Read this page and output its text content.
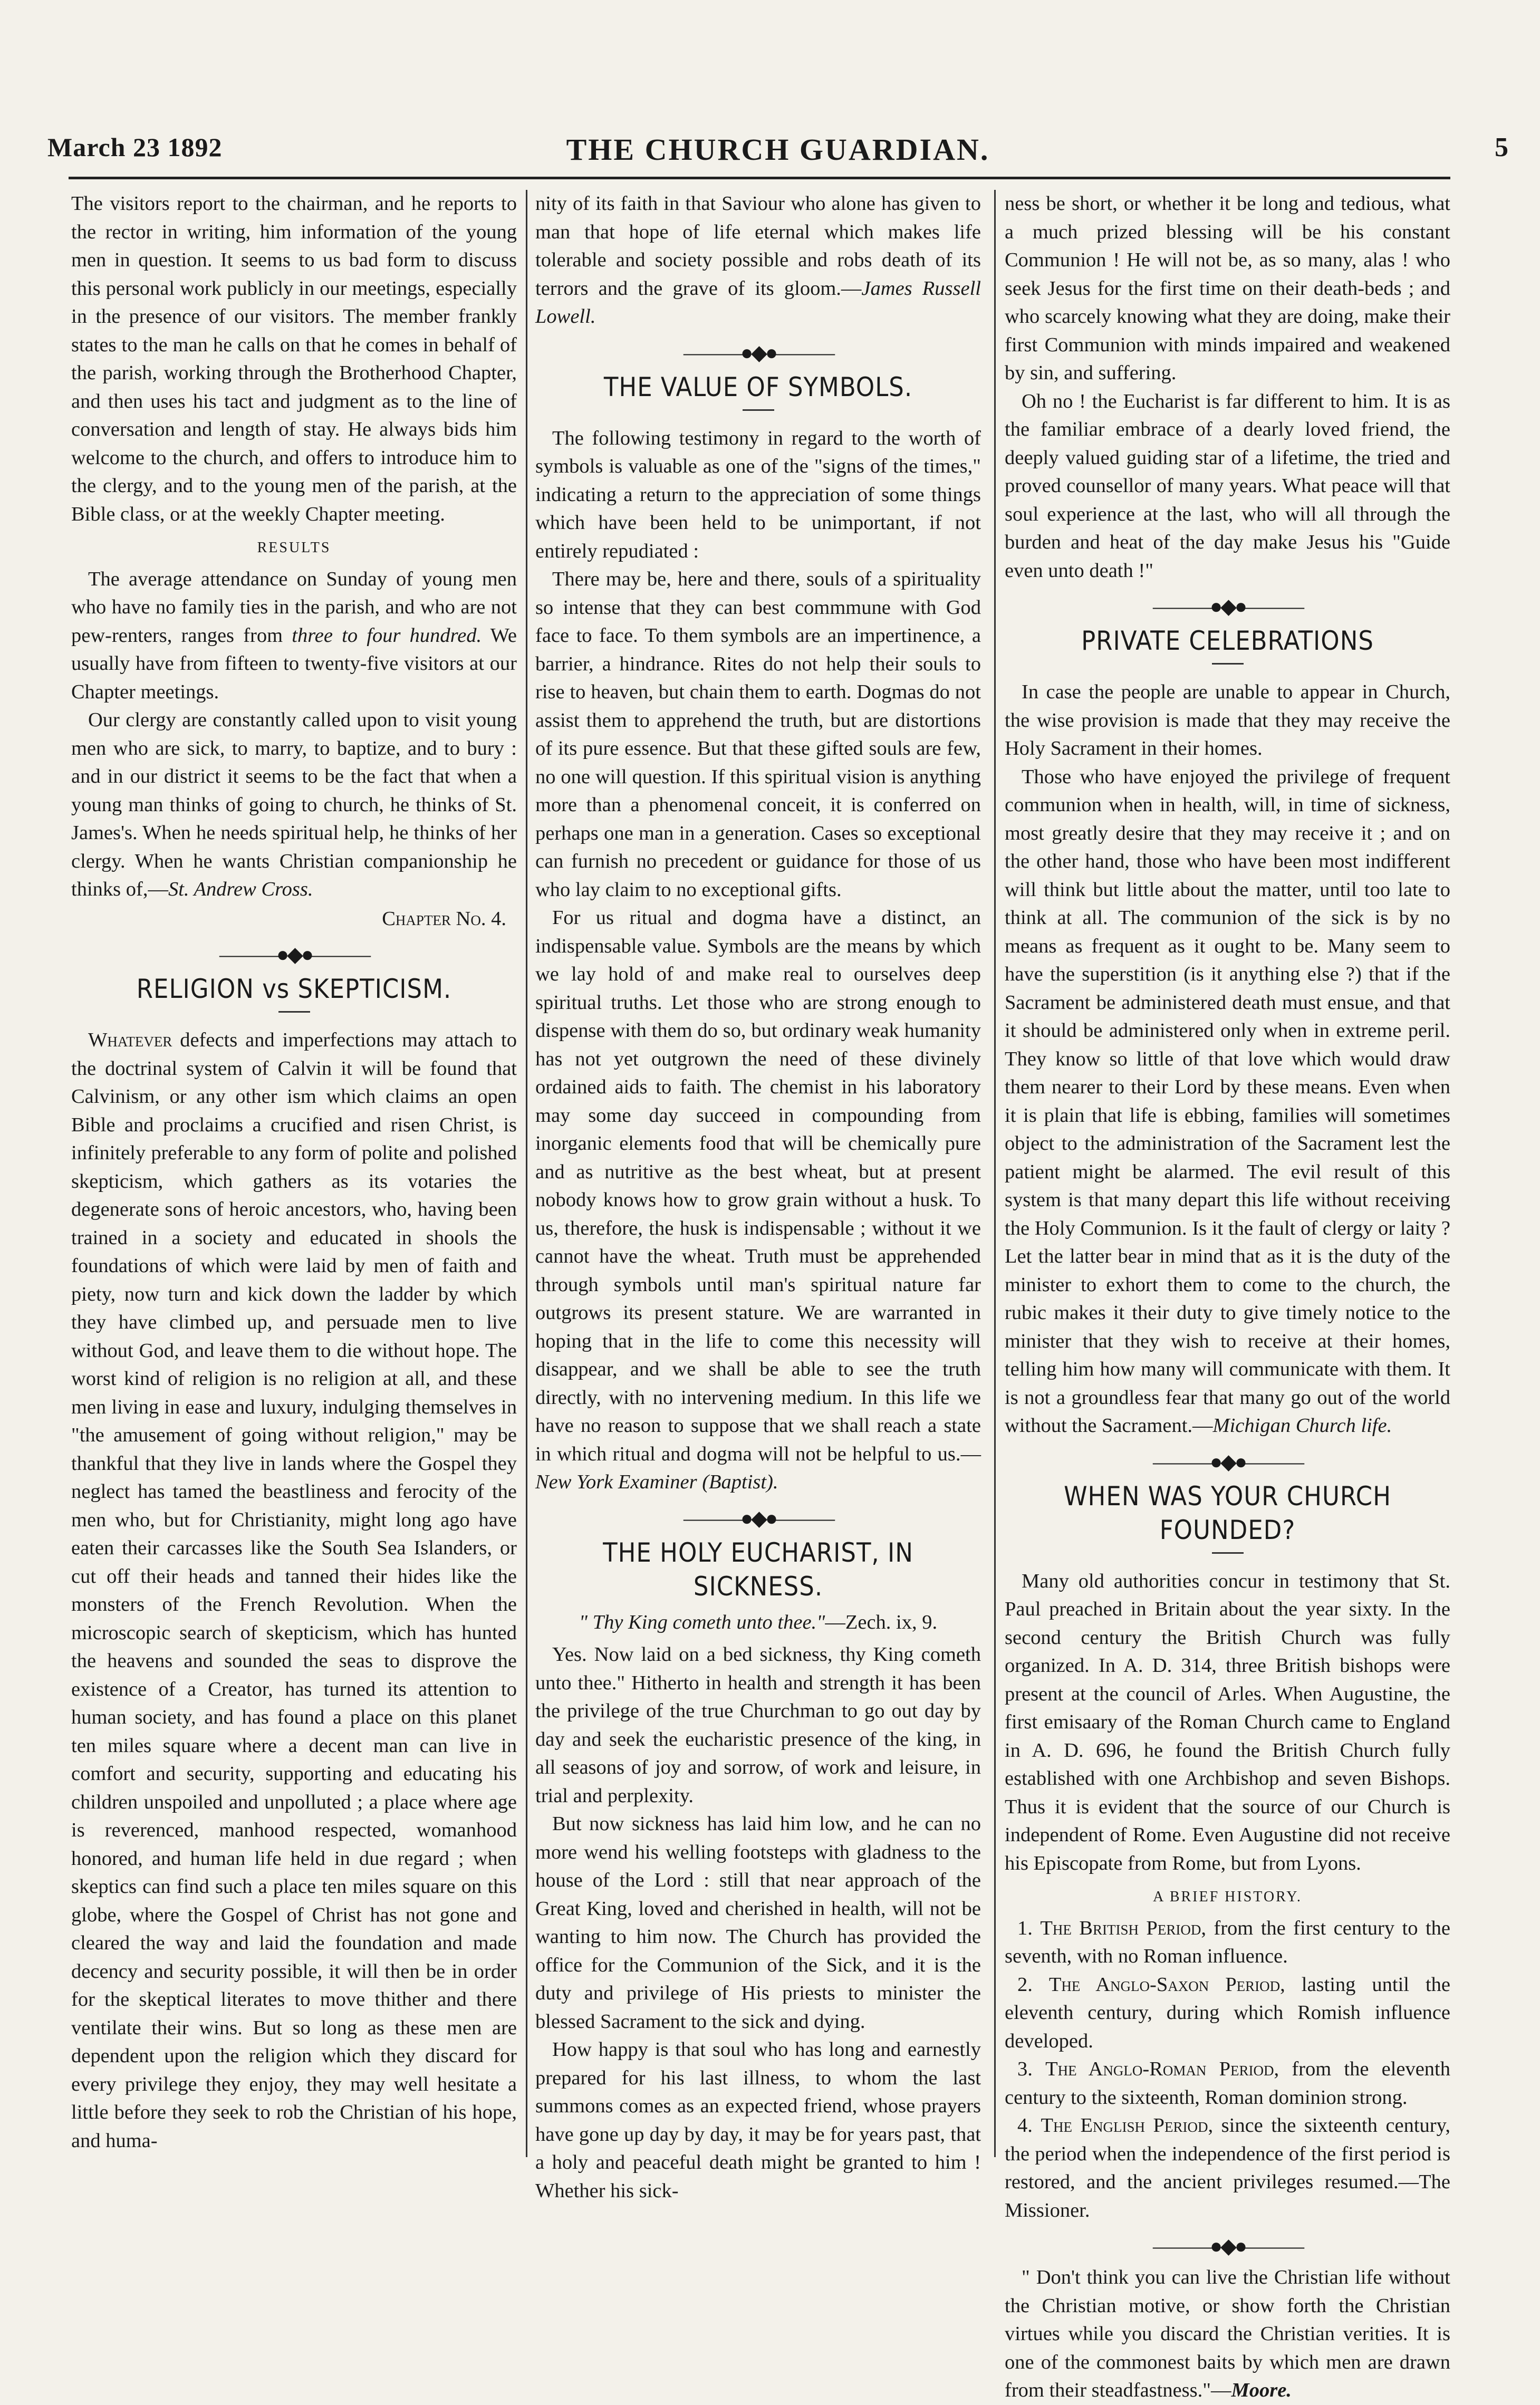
THE CHURCH GUARDIAN.
March 23 1892	5

The visitors report to the chairman, and he reports to the rector in writing, him information of the young men in question. It seems to us bad form to discuss this personal work publicly in our meetings, especially in the presence of our visitors. The member frankly states to the man he calls on that he comes in behalf of the parish, working through the Brotherhood Chapter, and then uses his tact and judgment as to the line of conversation and length of stay. He always bids him welcome to the church, and offers to introduce him to the clergy, and to the young men of the parish, at the Bible class, or at the weekly Chapter meeting.

RESULTS

The average attendance on Sunday of young men who have no family ties in the parish, and who are not pew-renters, ranges from three to four hundred. We usually have from fifteen to twenty-five visitors at our Chapter meetings.

Our clergy are constantly called upon to visit young men who are sick, to marry, to baptize, and to bury : and in our district it seems to be the fact that when a young man thinks of going to church, he thinks of St. James's. When he needs spiritual help, he thinks of her clergy. When he wants Christian companionship he thinks of,—St. Andrew Cross.

Chapter No. 4.
———●◆●———
RELIGION vs SKEPTICISM.

Whatever defects and imperfections may attach to the doctrinal system of Calvin it will be found that Calvinism, or any other ism which claims an open Bible and proclaims a crucified and risen Christ, is infinitely preferable to any form of polite and polished skepticism, which gathers as its votaries the degenerate sons of heroic ancestors, who, having been trained in a society and educated in shools the foundations of which were laid by men of faith and piety, now turn and kick down the ladder by which they have climbed up, and persuade men to live without God, and leave them to die without hope. The worst kind of religion is no religion at all, and these men living in ease and luxury, indulging themselves in "the amusement of going without religion," may be thankful that they live in lands where the Gospel they neglect has tamed the beastliness and ferocity of the men who, but for Christianity, might long ago have eaten their carcasses like the South Sea Islanders, or cut off their heads and tanned their hides like the monsters of the French Revolution. When the microscopic search of skepticism, which has hunted the heavens and sounded the seas to disprove the existence of a Creator, has turned its attention to human society, and has found a place on this planet ten miles square where a decent man can live in comfort and security, supporting and educating his children unspoiled and unpolluted ; a place where age is reverenced, manhood respected, womanhood honored, and human life held in due regard ; when skeptics can find such a place ten miles square on this globe, where the Gospel of Christ has not gone and cleared the way and laid the foundation and made decency and security possible, it will then be in order for the skeptical literates to move thither and there ventilate their wins. But so long as these men are dependent upon the religion which they discard for every privilege they enjoy, they may well hesitate a little before they seek to rob the Christian of his hope, and huma-

nity of its faith in that Saviour who alone has given to man that hope of life eternal which makes life tolerable and society possible and robs death of its terrors and the grave of its gloom.—James Russell Lowell.

———●◆●———
THE VALUE OF SYMBOLS.

The following testimony in regard to the worth of symbols is valuable as one of the "signs of the times," indicating a return to the appreciation of some things which have been held to be unimportant, if not entirely repudiated :

There may be, here and there, souls of a spirituality so intense that they can best commmune with God face to face. To them symbols are an impertinence, a barrier, a hindrance. Rites do not help their souls to rise to heaven, but chain them to earth. Dogmas do not assist them to apprehend the truth, but are distortions of its pure essence. But that these gifted souls are few, no one will question. If this spiritual vision is anything more than a phenomenal conceit, it is conferred on perhaps one man in a generation. Cases so exceptional can furnish no precedent or guidance for those of us who lay claim to no exceptional gifts.

For us ritual and dogma have a distinct, an indispensable value. Symbols are the means by which we lay hold of and make real to ourselves deep spiritual truths. Let those who are strong enough to dispense with them do so, but ordinary weak humanity has not yet outgrown the need of these divinely ordained aids to faith. The chemist in his laboratory may some day succeed in compounding from inorganic elements food that will be chemically pure and as nutritive as the best wheat, but at present nobody knows how to grow grain without a husk. To us, therefore, the husk is indispensable ; without it we cannot have the wheat. Truth must be apprehended through symbols until man's spiritual nature far outgrows its present stature. We are warranted in hoping that in the life to come this necessity will disappear, and we shall be able to see the truth directly, with no intervening medium. In this life we have no reason to suppose that we shall reach a state in which ritual and dogma will not be helpful to us.—New York Examiner (Baptist).

———●◆●———
THE HOLY EUCHARIST, IN SICKNESS.
" Thy King cometh unto thee."—Zech. ix, 9.

Yes. Now laid on a bed sickness, thy King cometh unto thee." Hitherto in health and strength it has been the privilege of the true Churchman to go out day by day and seek the eucharistic presence of the king, in all seasons of joy and sorrow, of work and leisure, in trial and perplexity.

But now sickness has laid him low, and he can no more wend his welling footsteps with gladness to the house of the Lord : still that near approach of the Great King, loved and cherished in health, will not be wanting to him now. The Church has provided the office for the Communion of the Sick, and it is the duty and privilege of His priests to minister the blessed Sacrament to the sick and dying.

How happy is that soul who has long and earnestly prepared for his last illness, to whom the last summons comes as an expected friend, whose prayers have gone up day by day, it may be for years past, that a holy and peaceful death might be granted to him ! Whether his sick-

ness be short, or whether it be long and tedious, what a much prized blessing will be his constant Communion ! He will not be, as so many, alas ! who seek Jesus for the first time on their death-beds ; and who scarcely knowing what they are doing, make their first Communion with minds impaired and weakened by sin, and suffering.

Oh no ! the Eucharist is far different to him. It is as the familiar embrace of a dearly loved friend, the deeply valued guiding star of a lifetime, the tried and proved counsellor of many years. What peace will that soul experience at the last, who will all through the burden and heat of the day make Jesus his "Guide even unto death !"

———●◆●———
PRIVATE CELEBRATIONS

In case the people are unable to appear in Church, the wise provision is made that they may receive the Holy Sacrament in their homes.

Those who have enjoyed the privilege of frequent communion when in health, will, in time of sickness, most greatly desire that they may receive it ; and on the other hand, those who have been most indifferent will think but little about the matter, until too late to think at all. The communion of the sick is by no means as frequent as it ought to be. Many seem to have the superstition (is it anything else ?) that if the Sacrament be administered death must ensue, and that it should be administered only when in extreme peril. They know so little of that love which would draw them nearer to their Lord by these means. Even when it is plain that life is ebbing, families will sometimes object to the administration of the Sacrament lest the patient might be alarmed. The evil result of this system is that many depart this life without receiving the Holy Communion. Is it the fault of clergy or laity ? Let the latter bear in mind that as it is the duty of the minister to exhort them to come to the church, the rubic makes it their duty to give timely notice to the minister that they wish to receive at their homes, telling him how many will communicate with them. It is not a groundless fear that many go out of the world without the Sacrament.—Michigan Church life.

———●◆●———
WHEN WAS YOUR CHURCH FOUNDED?

Many old authorities concur in testimony that St. Paul preached in Britain about the year sixty. In the second century the British Church was fully organized. In A. D. 314, three British bishops were present at the council of Arles. When Augustine, the first emisaary of the Roman Church came to England in A. D. 696, he found the British Church fully established with one Archbishop and seven Bishops. Thus it is evident that the source of our Church is independent of Rome. Even Augustine did not receive his Episcopate from Rome, but from Lyons.

A BRIEF HISTORY.

1. The British Period, from the first century to the seventh, with no Roman influence.

2. The Anglo-Saxon Period, lasting until the eleventh century, during which Romish influence developed.

3. The Anglo-Roman Period, from the eleventh century to the sixteenth, Roman dominion strong.

4. The English Period, since the sixteenth century, the period when the independence of the first period is restored, and the ancient privileges resumed.—The Missioner.

———●◆●———

" Don't think you can live the Christian life without the Christian motive, or show forth the Christian virtues while you discard the Christian verities. It is one of the commonest baits by which men are drawn from their steadfastness."—Moore.
